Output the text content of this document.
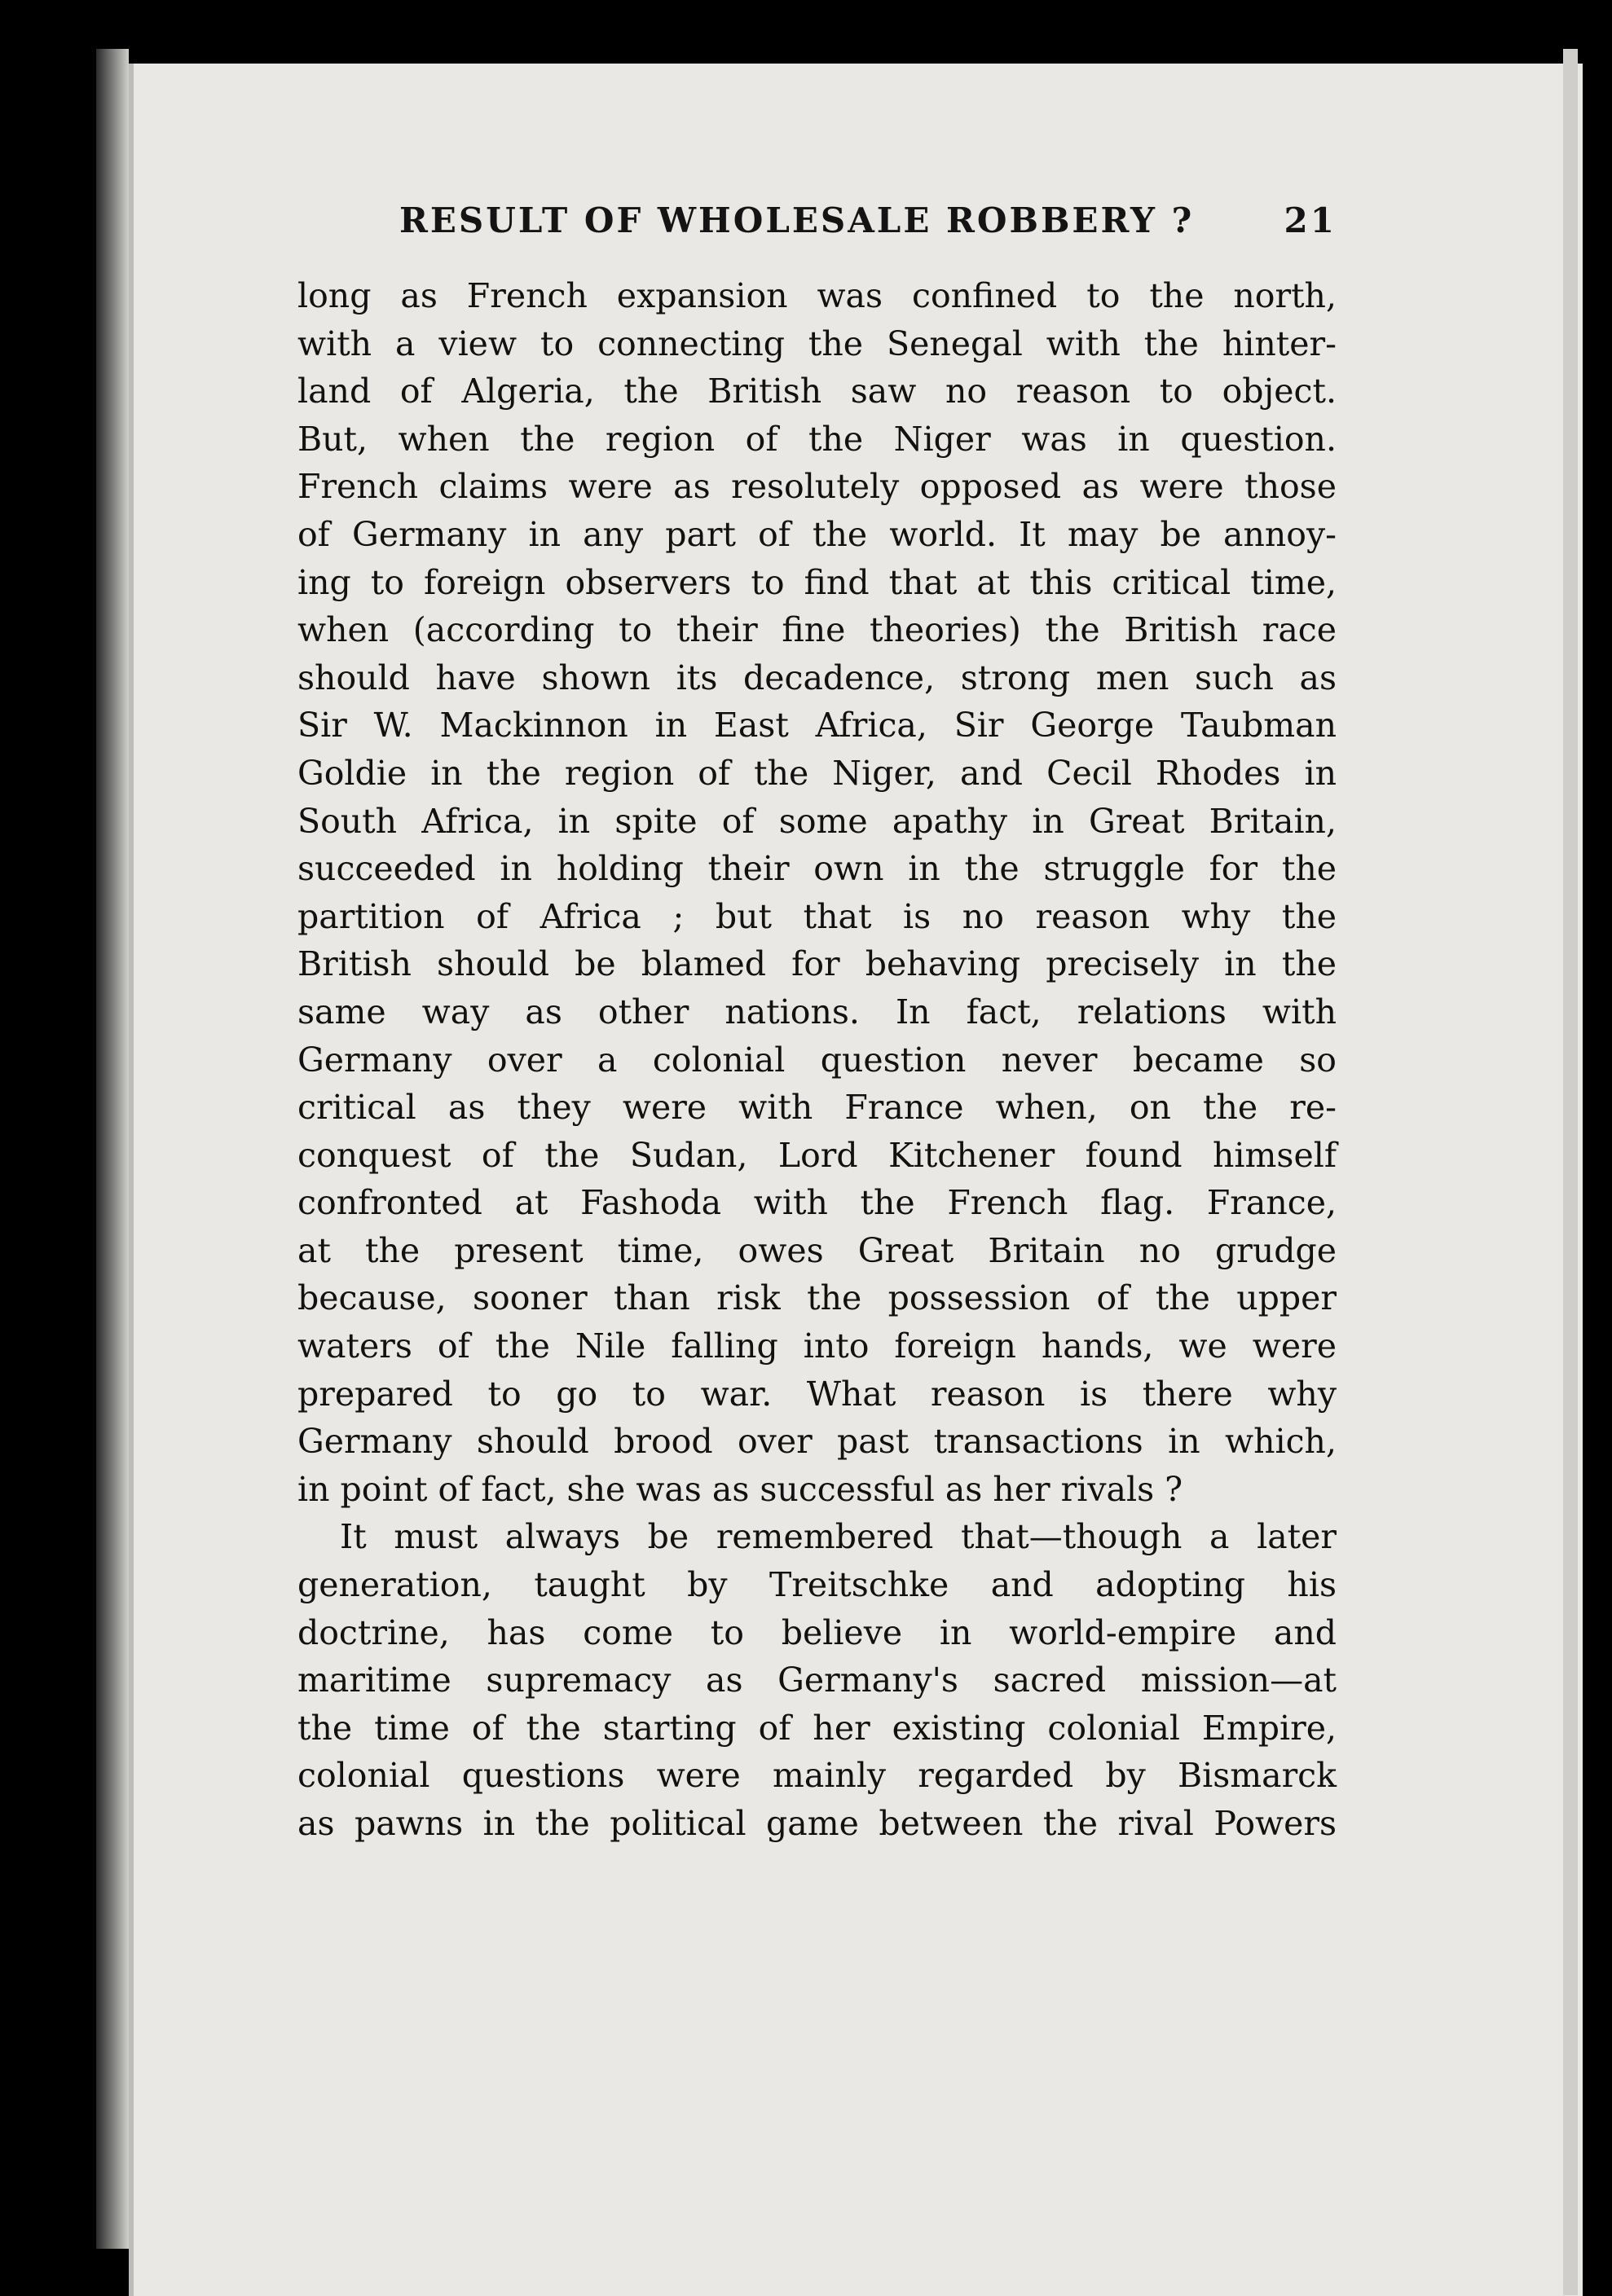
RESULT OF WHOLESALE ROBBERY ?	21
long as French expansion was confined to the north,
with a view to connecting the Senegal with the hinter-
land of Algeria, the British saw no reason to object.
But, when the region of the Niger was in question.
French claims were as resolutely opposed as were those
of Germany in any part of the world. It may be annoy-
ing to foreign observers to find that at this critical time,
when (according to their fine theories) the British race
should have shown its decadence, strong men such as
Sir W. Mackinnon in East Africa, Sir George Taubman
Goldie in the region of the Niger, and Cecil Rhodes in
South Africa, in spite of some apathy in Great Britain,
succeeded in holding their own in the struggle for the
partition of Africa ; but that is no reason why the
British should be blamed for behaving precisely in the
same way as other nations. In fact, relations with
Germany over a colonial question never became so
critical as they were with France when, on the re-
conquest of the Sudan, Lord Kitchener found himself
confronted at Fashoda with the French flag. France,
at the present time, owes Great Britain no grudge
because, sooner than risk the possession of the upper
waters of the Nile falling into foreign hands, we were
prepared to go to war. What reason is there why
Germany should brood over past transactions in which,
in point of fact, she was as successful as her rivals ?
It must always be remembered that—though a later
generation, taught by Treitschke and adopting his
doctrine, has come to believe in world-empire and
maritime supremacy as Germany's sacred mission—at
the time of the starting of her existing colonial Empire,
colonial questions were mainly regarded by Bismarck
as pawns in the political game between the rival Powers
